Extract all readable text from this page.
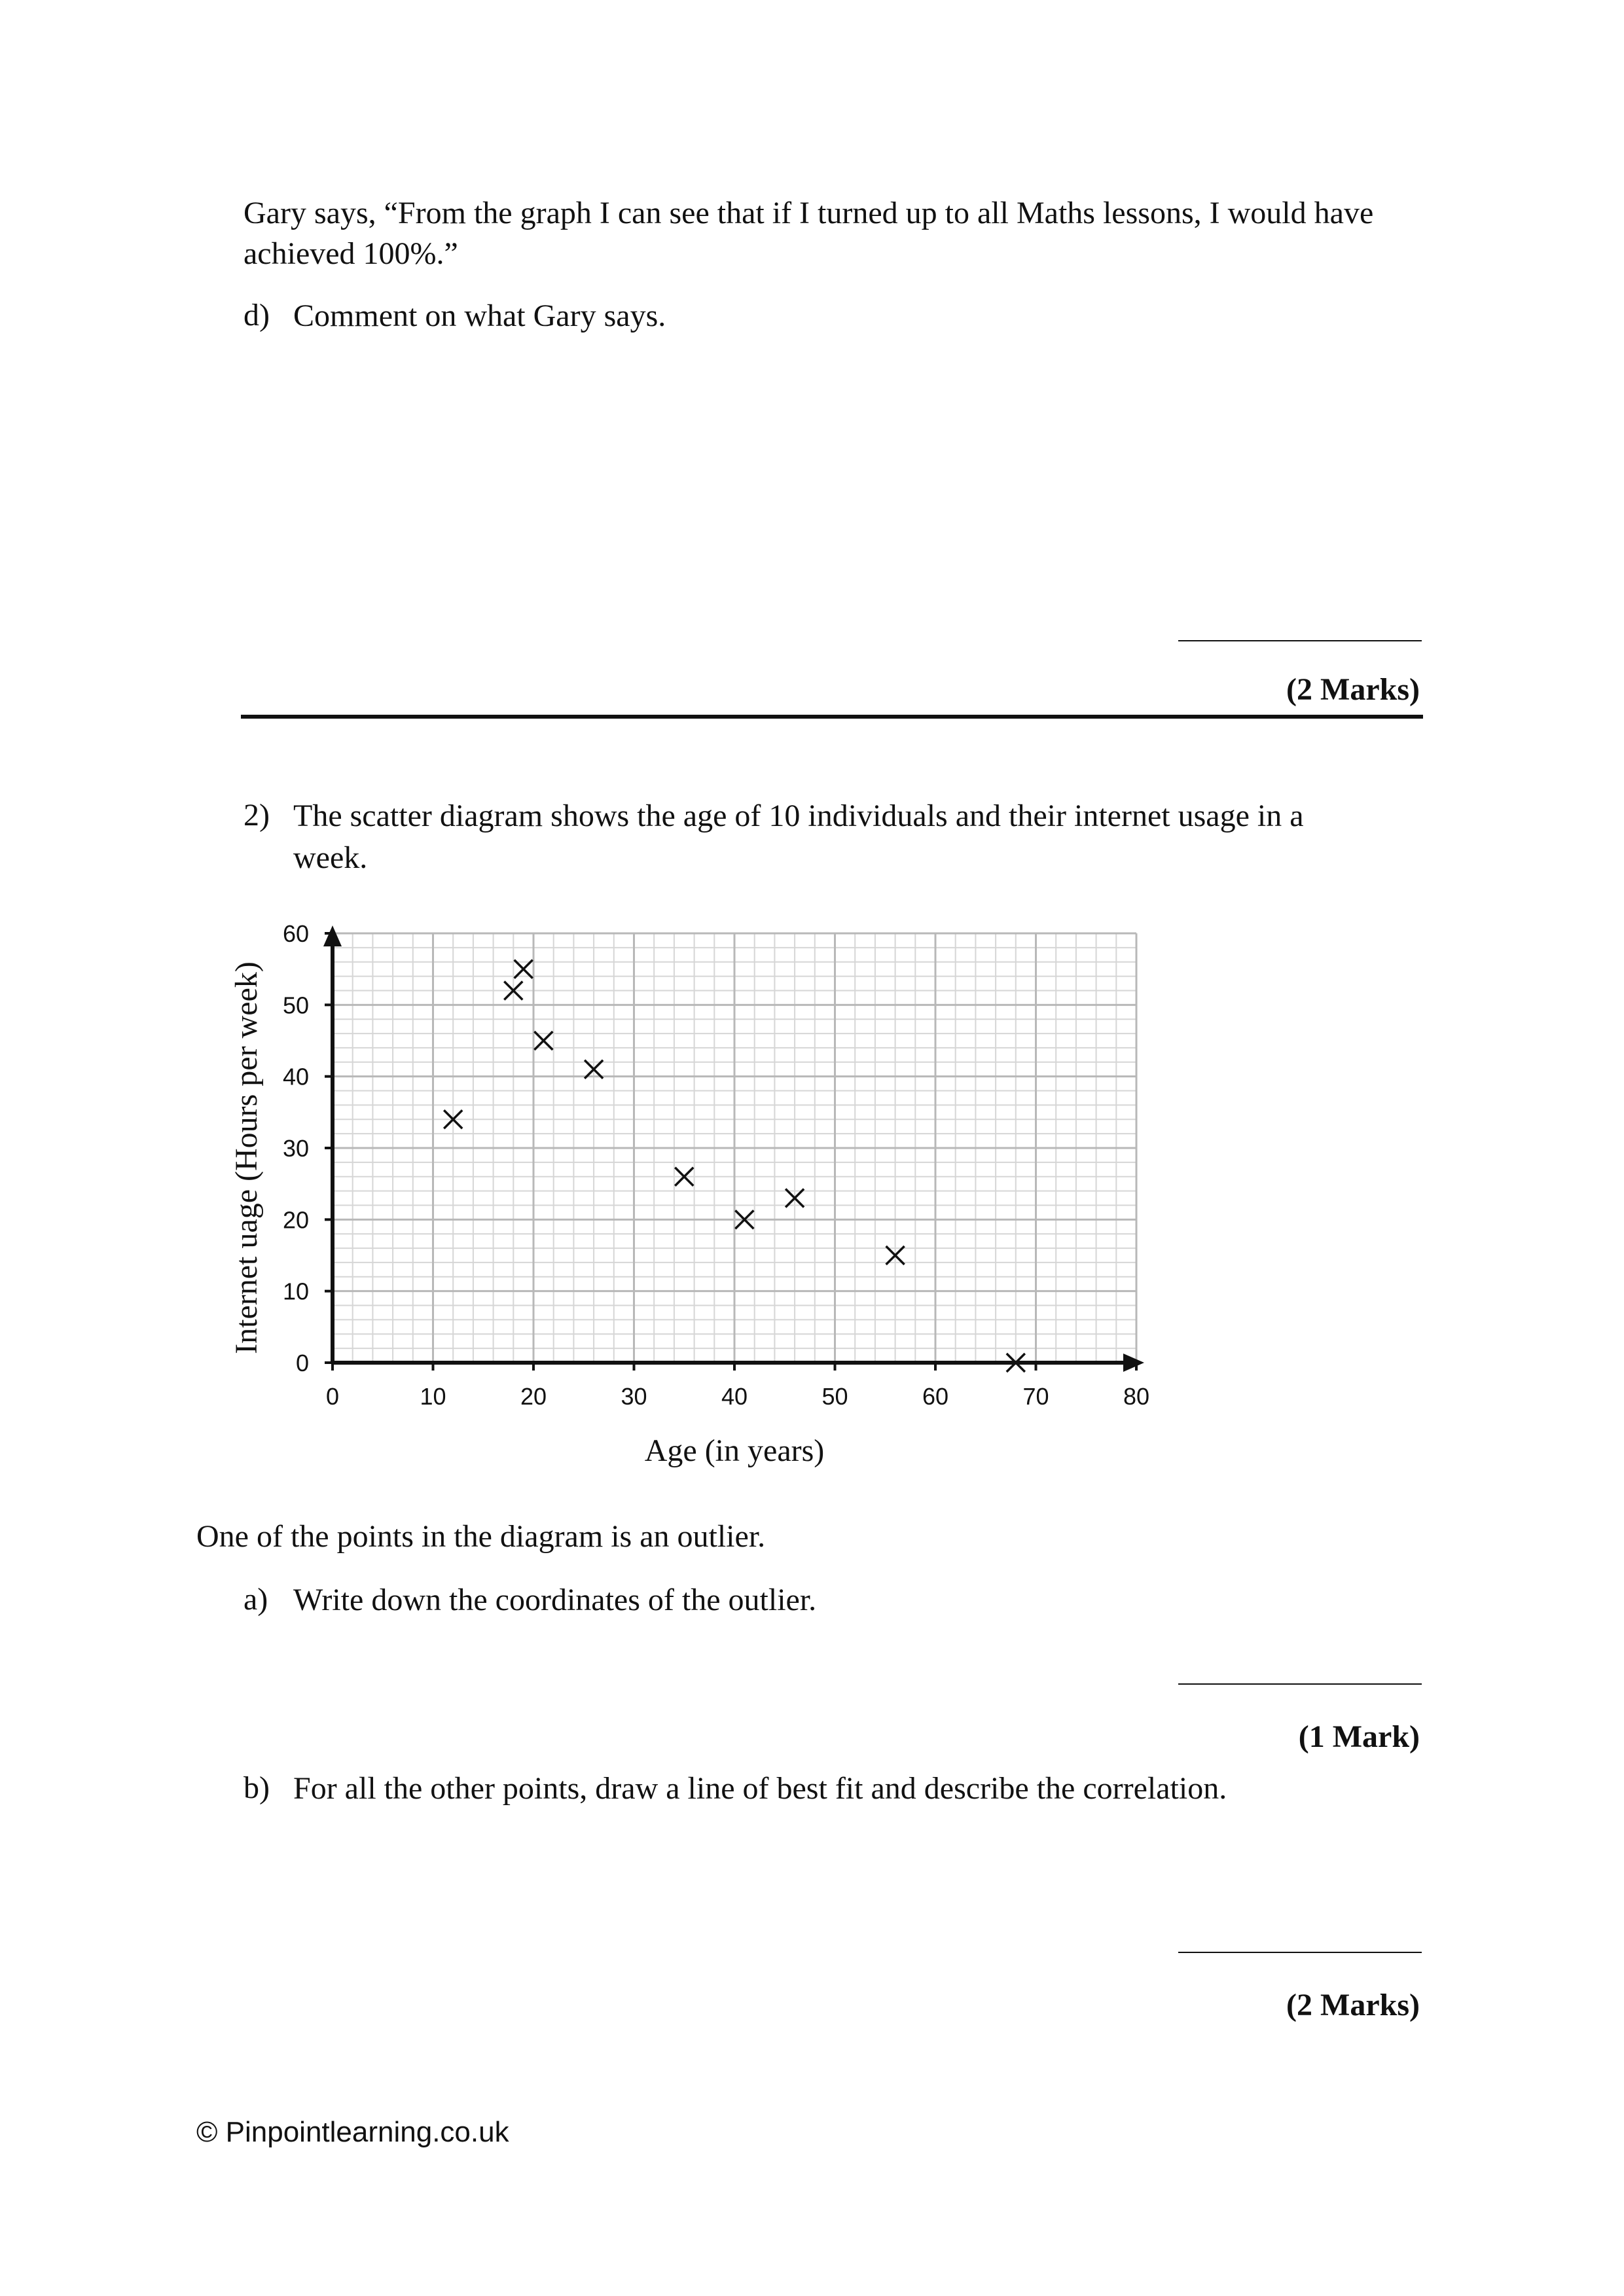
Gary says, “From the graph I can see that if I turned up to all Maths lessons, I would have
achieved 100%.”
d) Comment on what Gary says.
(2 Marks)
2) The scatter diagram shows the age of 10 individuals and their internet usage in a
week.
0	10	20	30	40	50	60	70	80
0
10
20
30
40
50
60
Age (in years)
Internet uage (Hours per week)
One of the points in the diagram is an outlier.
a) Write down the coordinates of the outlier.
(1 Mark)
b) For all the other points, draw a line of best fit and describe the correlation.
(2 Marks)
© Pinpointlearning.co.uk
